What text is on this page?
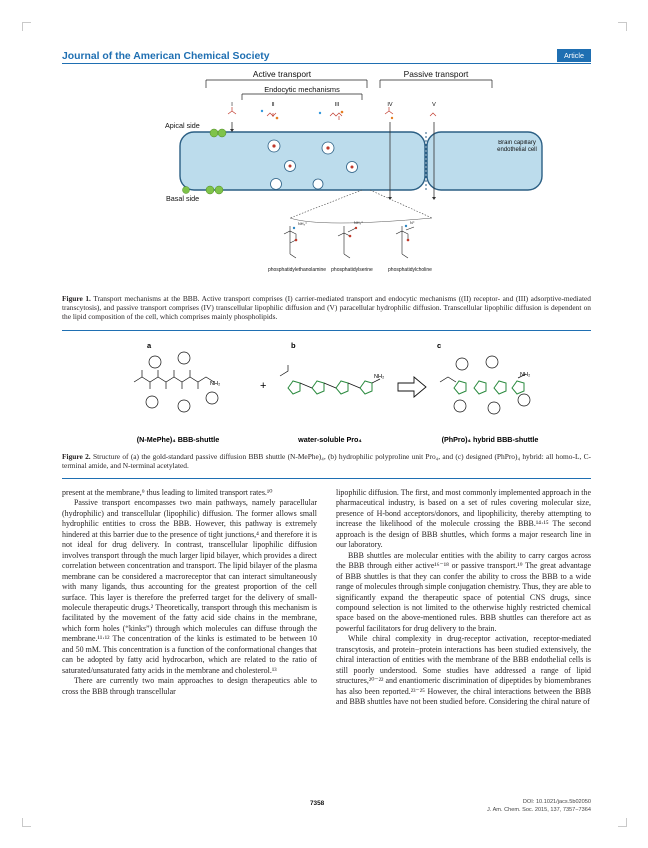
Journal of the American Chemical Society	Article
Active transport	Passive transport
Endocytic mechanisms
I	II	III	IV	V
Apical side
Basal side
Brain capillary endothelial cell
NH₃⁺	NH₃⁺	N⁺
phosphatidylethanolamine phosphatidylserine	phosphatidylcholine
Figure 1. Transport mechanisms at the BBB. Active transport comprises (I) carrier-mediated transport and endocytic mechanisms ((II) receptor- and (III) adsorptive-mediated transcytosis), and passive transport comprises (IV) transcellular lipophilic diffusion and (V) paracellular hydrophilic diffusion. Transcellular lipophilic diffusion is dependent on the lipid composition of the cell, which comprises mainly phospholipids.
a	b	c
NH₂	+
NH₂	NH₂
(N-MePhe)₄ BBB-shuttle	water-soluble Pro₄	(PhPro)₄ hybrid BBB-shuttle
Figure 2. Structure of (a) the gold-standard passive diffusion BBB shuttle (N-MePhe)₄, (b) hydrophilic polyproline unit Pro₄, and (c) designed (PhPro)₄ hybrid: all homo-L, C-terminal amide, and N-terminal acetylated.

present at the membrane,⁹ thus leading to limited transport rates.¹⁰

Passive transport encompasses two main pathways, namely paracellular (hydrophilic) and transcellular (lipophilic) diffusion. The former allows small hydrophilic entities to cross the BBB. However, this pathway is extremely hindered at this barrier due to the presence of tight junctions,⁴ and therefore it is not ideal for drug delivery. In contrast, transcellular lipophilic diffusion involves transport through the much larger lipid bilayer, which provides a direct correlation between concentration and transport. The lipid bilayer of the plasma membrane can be considered a macroreceptor that can interact simultaneously with many ligands, thus accounting for the greatest proportion of the cell surface. This layer is therefore the preferred target for the delivery of small-molecule therapeutic drugs.² Theoretically, transport through this mechanism is facilitated by the movement of the fatty acid side chains in the membrane, which form holes (“kinks”) through which molecules can diffuse through the membrane.¹¹‧¹² The concentration of the kinks is estimated to be between 10 and 50 mM. This concentration is a function of the conformational changes that can be adopted by fatty acid hydrocarbon, which are related to the ratio of saturated/unsaturated fatty acids in the membrane and cholesterol.¹³

There are currently two main approaches to design therapeutics able to cross the BBB through transcellular

lipophilic diffusion. The first, and most commonly implemented approach in the pharmaceutical industry, is based on a set of rules covering molecular size, presence of H-bond acceptors/donors, and lipophilicity, thereby attempting to increase the likelihood of the molecule crossing the BBB.¹⁴‧¹⁵ The second approach is the design of BBB shuttles, which forms a major research line in our laboratory.

BBB shuttles are molecular entities with the ability to carry cargos across the BBB through either active¹⁶⁻¹⁸ or passive transport.¹⁹ The great advantage of BBB shuttles is that they can confer the ability to cross the BBB to a wide range of molecules through simple conjugation chemistry. Thus, they are able to significantly expand the therapeutic space of potential CNS drugs, since compound selection is not limited to the otherwise highly restricted chemical space based on the above-mentioned rules. BBB shuttles can therefore act as powerful facilitators for drug delivery to the brain.

While chiral complexity in drug-receptor activation, receptor-mediated transcytosis, and protein−protein interactions has been studied extensively, the chiral interaction of entities with the membrane of the BBB endothelial cells is still poorly understood. Some studies have addressed a range of lipid structures,²⁰⁻²² and enantiomeric discrimination of dipeptides by biomembranes has also been reported.²³⁻²⁵ However, the chiral interactions between the BBB and BBB shuttles have not been studied before. Considering the chiral nature of

7358	DOI: 10.1021/jacs.5b02050
J. Am. Chem. Soc. 2015, 137, 7357−7364
